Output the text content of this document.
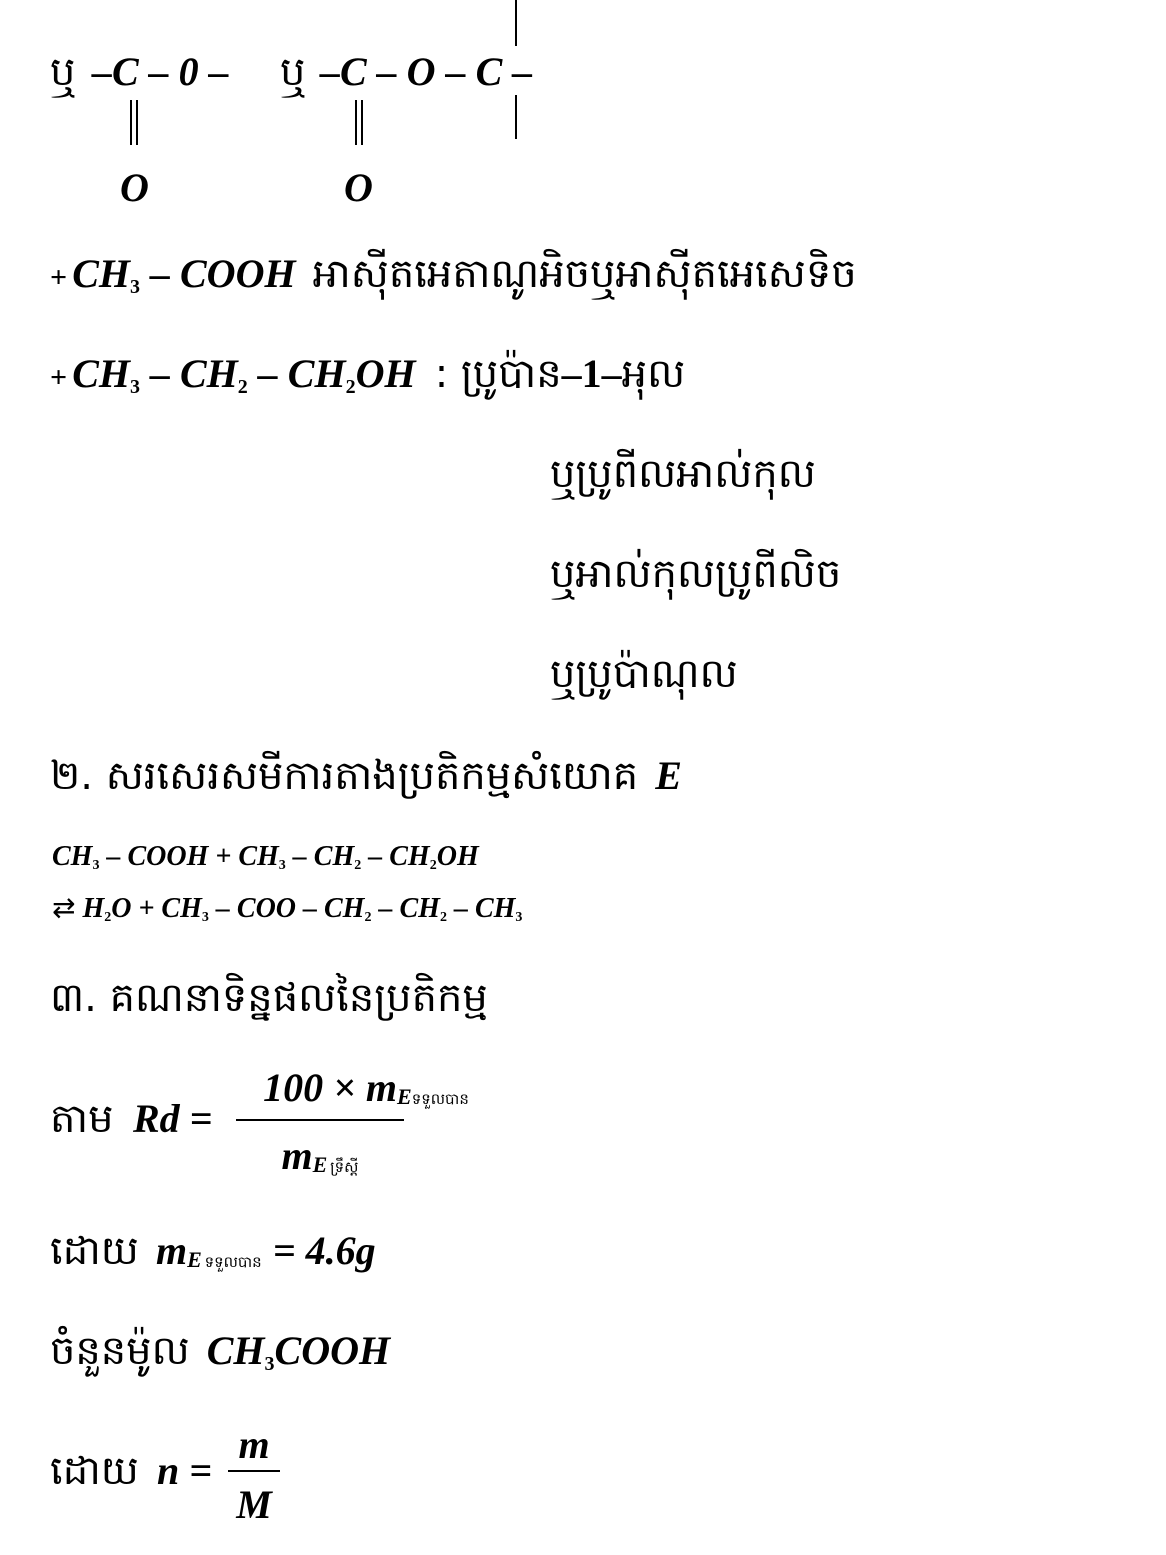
ឬ –C – 0 – ឬ –C – O – C –
O	O
+ $CH_3$ – COOH អាស៊ីតអេតាណូអិចឬអាស៊ីតអេសេទិច
+ $CH_3 - CH_2 - CH_2OH$ : ប្រូប៉ាន–1–អុល
ឬប្រូពីលអាល់កុល
ឬអាល់កុលប្រូពីលិច
ឬប្រូប៉ាណុល
២. សរសេរសមីការតាងប្រតិកម្មសំយោគ E
$CH_3$ – COOH + $CH_3 - CH_2 - CH_2OH$
⇄ $H_2O + CH_3$ – COO – $CH_2 - CH_2 - CH_3$
៣. គណនាទិន្នផលនៃប្រតិកម្ម
តាម Rd =
$100 \times m_{Eទទួលបាន}$
$m_{E ទ្រឹស្តី}$
ដោយ $m_{E ទទួលបាន} = 4.6g$
ចំនួនម៉ូល $CH_3COOH$
ដោយ n =
m
M
